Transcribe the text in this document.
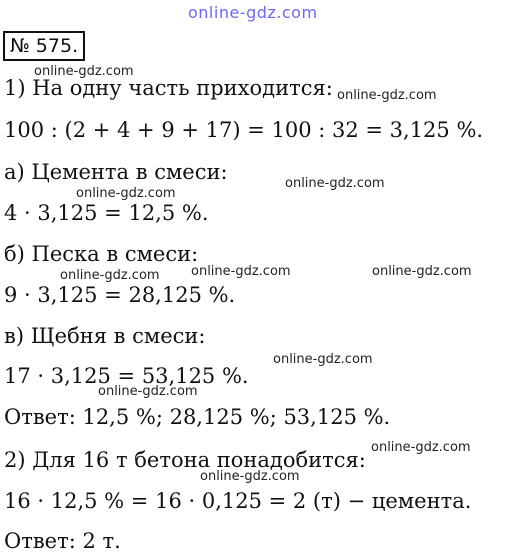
online-gdz.com
№ 575.
1) На одну часть приходится:
100 : (2 + 4 + 9 + 17) = 100 : 32 = 3,125 %.
а) Цемента в смеси:
4 · 3,125 = 12,5 %.
б) Песка в смеси:
9 · 3,125 = 28,125 %.
в) Щебня в смеси:
17 · 3,125 = 53,125 %.
Ответ: 12,5 %; 28,125 %; 53,125 %.
2) Для 16 т бетона понадобится:
16 · 12,5 % = 16 · 0,125 = 2 (т) − цемента.
Ответ: 2 т.
online-gdz.com
online-gdz.com
online-gdz.com
online-gdz.com
online-gdz.com online-gdz.com	online-gdz.com
online-gdz.com
online-gdz.com
online-gdz.com
online-gdz.com
